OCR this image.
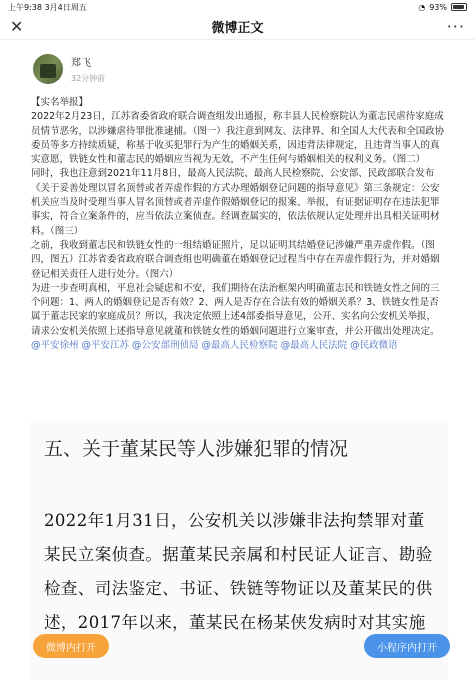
上午9:38 3月4日周五	◔ 93%
✕	微博正文	···
郑飞
32分钟前

【实名举报】

2022年2月23日，江苏省委省政府联合调查组发出通报，称丰县人民检察院认为董志民虐待家庭成员情节恶劣，以涉嫌虐待罪批准逮捕。（图一）我注意到网友、法律界、和全国人大代表和全国政协委员等多方持续质疑，称基于收买犯罪行为产生的婚姻关系，因违背法律规定，且违背当事人的真实意愿，铁链女性和董志民的婚姻应当视为无效，不产生任何与婚姻相关的权利义务。（图二）

同时，我也注意到2021年11月8日，最高人民法院、最高人民检察院、公安部、民政部联合发布《关于妥善处理以冒名顶替或者弄虚作假的方式办理婚姻登记问题的指导意见》第三条规定：公安机关应当及时受理当事人冒名顶替或者弄虚作假婚姻登记的报案、举报，有证据证明存在违法犯罪事实，符合立案条件的，应当依法立案侦查。经调查属实的，依法依规认定处理并出具相关证明材料。（图三）

之前，我收到董志民和铁链女性的一组结婚证照片，足以证明其结婚登记涉嫌严重弄虚作假。（图四，图五）江苏省委省政府联合调查组也明确董在婚姻登记过程当中存在弄虚作假行为，并对婚姻登记相关责任人进行处分。（图六）

为进一步查明真相，平息社会疑虑和不安，我们期待在法治框架内明确董志民和铁链女性之间的三个问题：1、两人的婚姻登记是否有效？2、两人是否存在合法有效的婚姻关系？3、铁链女性是否属于董志民家的家庭成员？所以，我决定依照上述4部委指导意见，公开、实名向公安机关举报，请求公安机关依照上述指导意见就董和铁链女性的婚姻问题进行立案审查，并公开做出处理决定。@平安徐州 @平安江苏 @公安部刑侦局 @最高人民检察院 @最高人民法院 @民政微语

五、关于董某民等人涉嫌犯罪的情况
2022年1月31日，公安机关以涉嫌非法拘禁罪对董某民立案侦查。据董某民亲属和村民证人证言、勘验检查、司法鉴定、书证、铁链等物证以及董某民的供述，2017年以来，董某民在杨某侠发病时对其实施
微博内打开	小程序内打开
